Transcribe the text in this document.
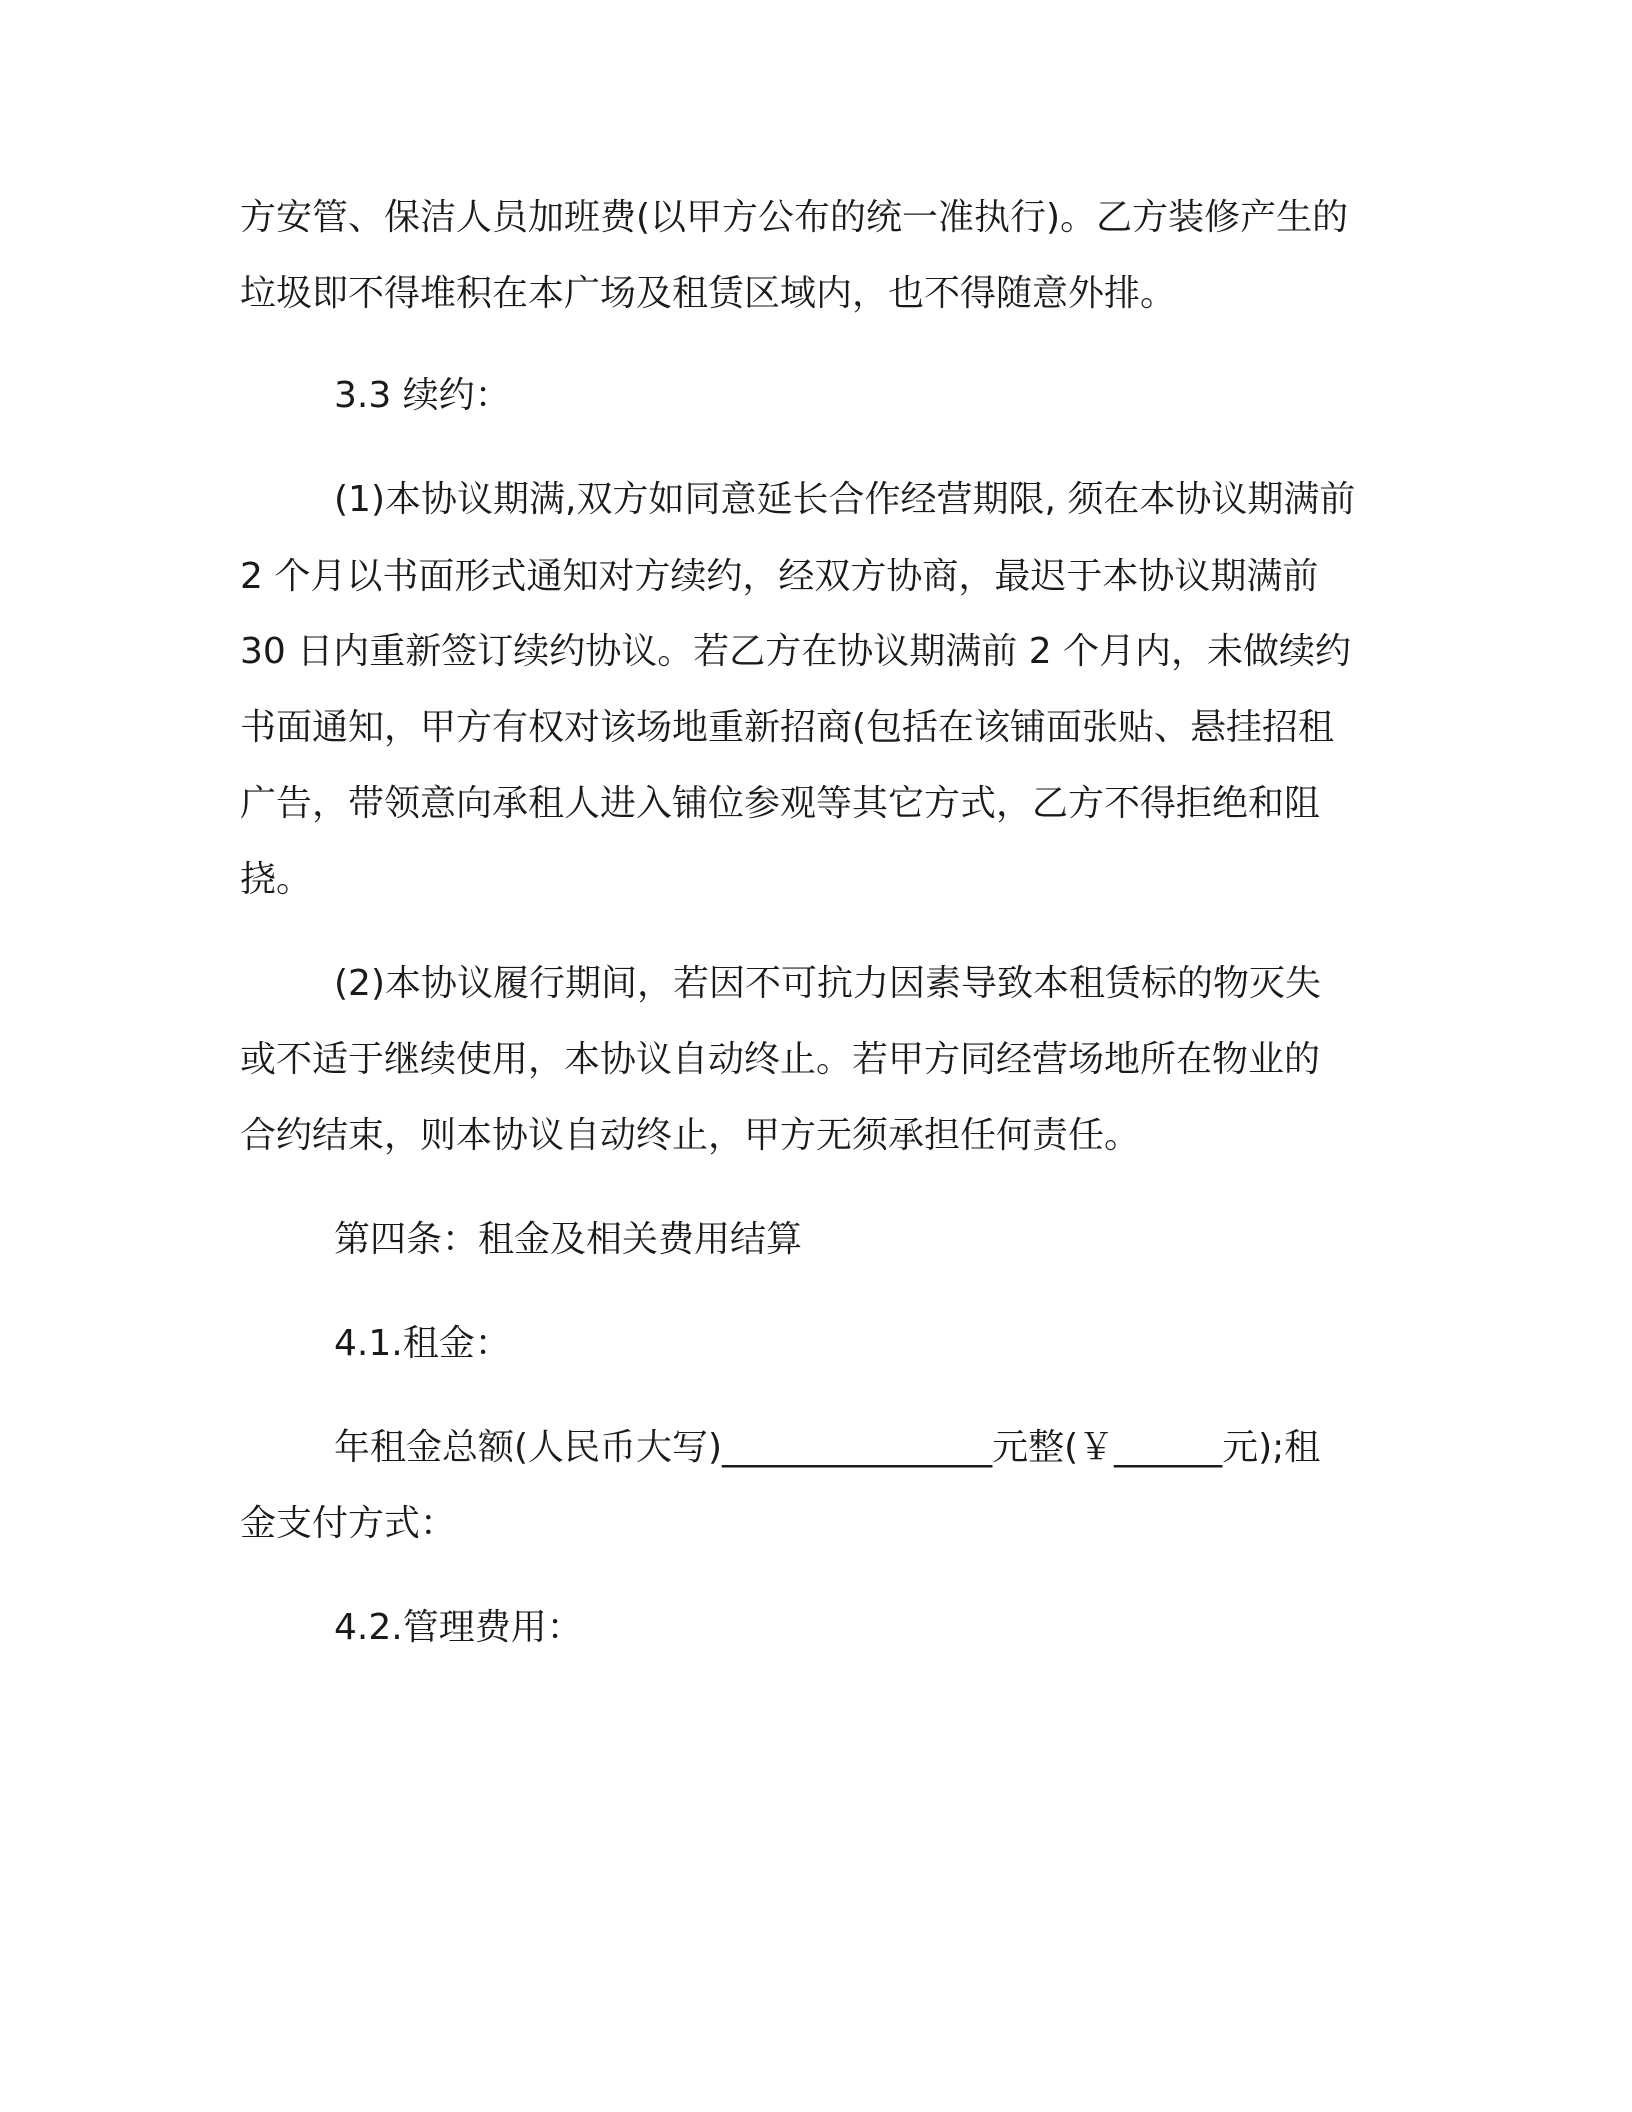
方安管、保洁人员加班费(以甲方公布的统一准执行)。乙方装修产生的
垃圾即不得堆积在本广场及租赁区域内，也不得随意外排。
3.3 续约：
(1)本协议期满,双方如同意延长合作经营期限, 须在本协议期满前
2 个月以书面形式通知对方续约，经双方协商，最迟于本协议期满前
30 日内重新签订续约协议。若乙方在协议期满前 2 个月内，未做续约
书面通知，甲方有权对该场地重新招商(包括在该铺面张贴、悬挂招租
广告，带领意向承租人进入铺位参观等其它方式，乙方不得拒绝和阻
挠。
(2)本协议履行期间，若因不可抗力因素导致本租赁标的物灭失
或不适于继续使用，本协议自动终止。若甲方同经营场地所在物业的
合约结束，则本协议自动终止，甲方无须承担任何责任。
第四条：租金及相关费用结算
4.1.租金：
年租金总额(人民币大写)_______________元整(￥______元);租
金支付方式：
4.2.管理费用：
